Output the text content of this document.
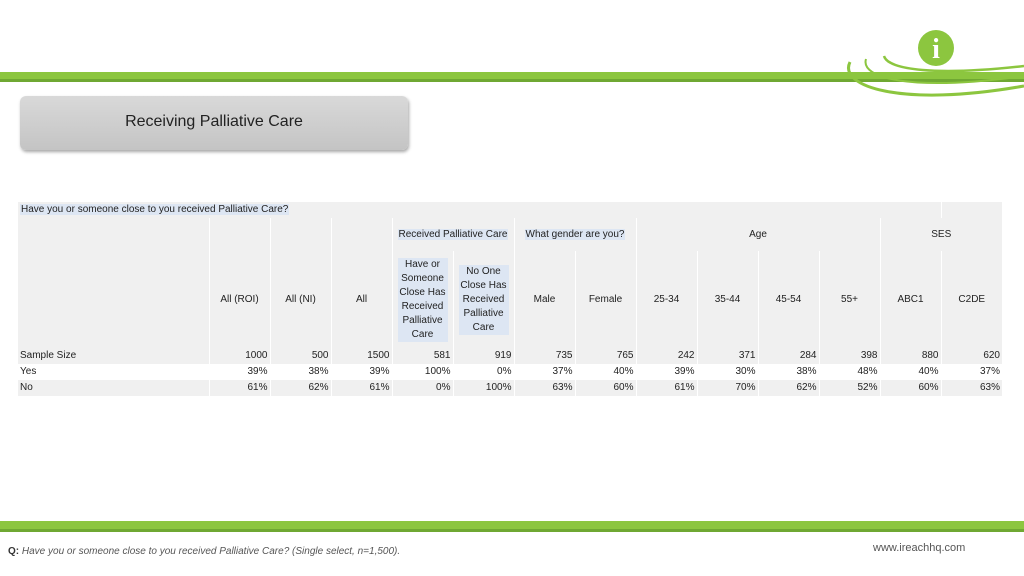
i
Receiving Palliative Care
Have you or someone close to you received Palliative Care?													
				Received Palliative Care		What gender are you?		Age				SES	
	All (ROI)	All (NI)	All	Have or Someone Close Has Received Palliative Care	No One Close Has Received Palliative Care	Male	Female	25-34	35-44	45-54	55+	ABC1	C2DE
Sample Size	1000	500	1500	581	919	735	765	242	371	284	398	880	620
Yes	39%	38%	39%	100%	0%	37%	40%	39%	30%	38%	48%	40%	37%
No	61%	62%	61%	0%	100%	63%	60%	61%	70%	62%	52%	60%	63%
www.ireachhq.com
Q: Have you or someone close to you received Palliative Care? (Single select, n=1,500).
